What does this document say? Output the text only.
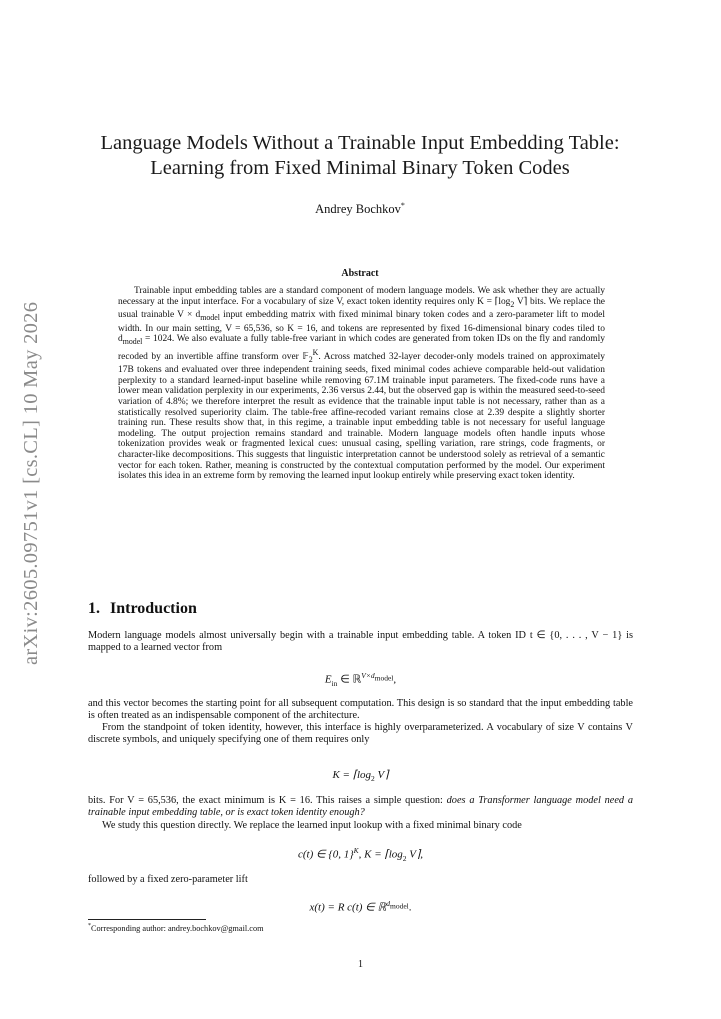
arXiv:2605.09751v1 [cs.CL] 10 May 2026
Language Models Without a Trainable Input Embedding Table:
Learning from Fixed Minimal Binary Token Codes
Andrey Bochkov*
Abstract

Trainable input embedding tables are a standard component of modern language models. We ask whether they are actually necessary at the input interface. For a vocabulary of size V, exact token identity requires only $K = ⌈\log_2$ V⌉ bits. We replace the usual trainable $V \times d_{model}$ input embedding matrix with fixed minimal binary token codes and a zero-parameter lift to model width. In our main setting, V = 65,536, so K = 16, and tokens are represented by fixed 16-dimensional binary codes tiled to $d_{model} = 1024$. We also evaluate a fully table-free variant in which codes are generated from token IDs on the fly and randomly recoded by an invertible affine transform over 𝔽$_2^K$. Across matched 32-layer decoder-only models trained on approximately 17B tokens and evaluated over three independent training seeds, fixed minimal codes achieve comparable held-out validation perplexity to a standard learned-input baseline while removing 67.1M trainable input parameters. The fixed-code runs have a lower mean validation perplexity in our experiments, 2.36 versus 2.44, but the observed gap is within the measured seed-to-seed variation of 4.8%; we therefore interpret the result as evidence that the trainable input table is not necessary, rather than as a statistically resolved superiority claim. The table-free affine-recoded variant remains close at 2.39 despite a slightly shorter training run. These results show that, in this regime, a trainable input embedding table is not necessary for useful language modeling. The output projection remains standard and trainable. Modern language models often handle inputs whose tokenization provides weak or fragmented lexical cues: unusual casing, spelling variation, rare strings, code fragments, or character-like decompositions. This suggests that linguistic interpretation cannot be understood solely as retrieval of a semantic vector for each token. Rather, meaning is constructed by the contextual computation performed by the model. Our experiment isolates this idea in an extreme form by removing the learned input lookup entirely while preserving exact token identity.

1. Introduction

Modern language models almost universally begin with a trainable input embedding table. A token ID t ∈ {0, . . . , V − 1} is mapped to a learned vector from

$E_{in}$ ∈ ℝ$^{V\times d_{model}}$,

and this vector becomes the starting point for all subsequent computation. This design is so standard that the input embedding table is often treated as an indispensable component of the architecture.

From the standpoint of token identity, however, this interface is highly overparameterized. A vocabulary of size V contains V discrete symbols, and uniquely specifying one of them requires only

$K = ⌈\log_2$ V⌉

bits. For V = 65,536, the exact minimum is K = 16. This raises a simple question: does a Transformer language model need a trainable input embedding table, or is exact token identity enough?

We study this question directly. We replace the learned input lookup with a fixed minimal binary code

c(t) ∈ {0, 1}$^K$, $K = ⌈\log_2$ V⌉,

followed by a fixed zero-parameter lift

x(t) = R c(t) ∈ ℝ$^{d_{model}}$.
*Corresponding author: andrey.bochkov@gmail.com
1
